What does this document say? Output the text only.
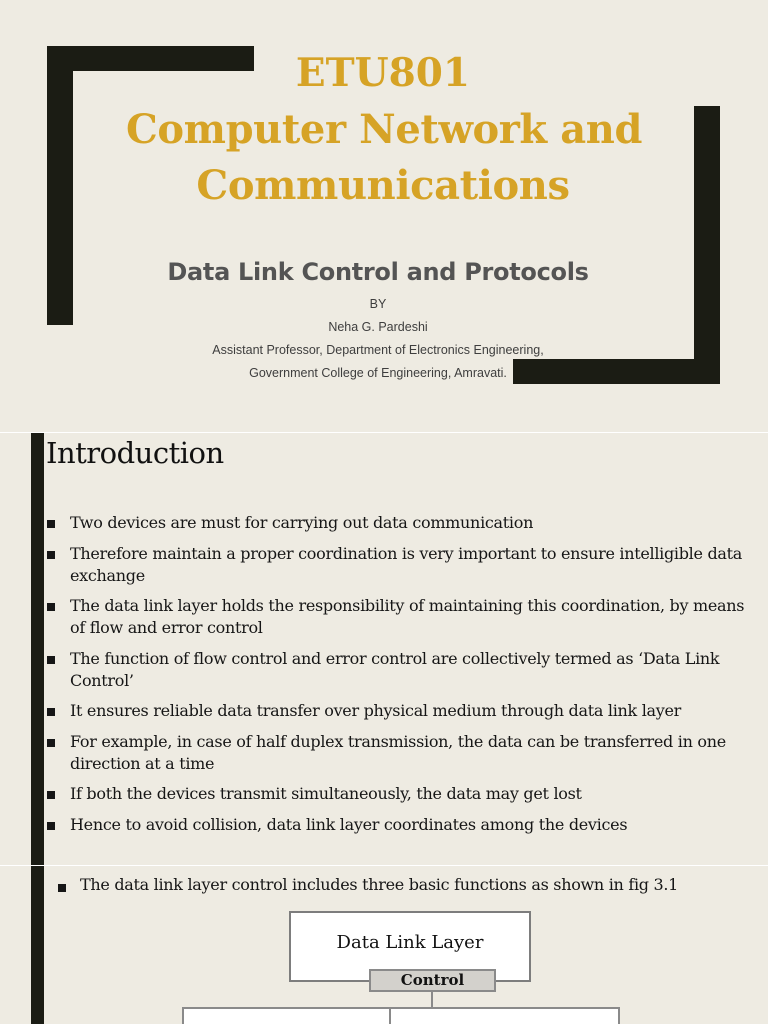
ETU801
Computer Network and
Communications
Data Link Control and Protocols

BY

Neha G. Pardeshi

Assistant Professor, Department of Electronics Engineering,

Government College of Engineering, Amravati.

Introduction
Two devices are must for carrying out data communication
Therefore maintain a proper coordination is very important to ensure intelligible data exchange
The data link layer holds the responsibility of maintaining this coordination, by means of flow and error control
The function of flow control and error control are collectively termed as ‘Data Link Control’
It ensures reliable data transfer over physical medium through data link layer
For example, in case of half duplex transmission, the data can be transferred in one direction at a time
If both the devices transmit simultaneously, the data may get lost
Hence to avoid collision, data link layer coordinates among the devices
The data link layer control includes three basic functions as shown in fig 3.1
Data Link Layer
Control
